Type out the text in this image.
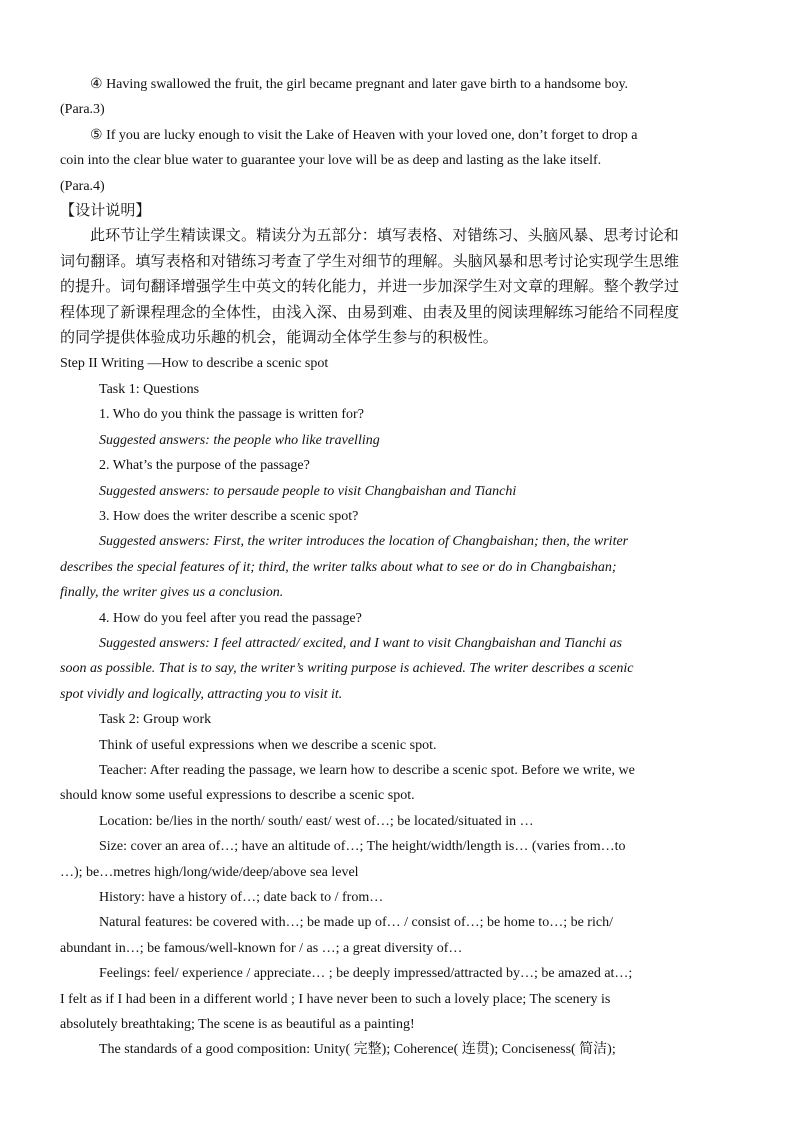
④ Having swallowed the fruit, the girl became pregnant and later gave birth to a handsome boy.

(Para.3)

⑤ If you are lucky enough to visit the Lake of Heaven with your loved one, don’t forget to drop a

coin into the clear blue water to guarantee your love will be as deep and lasting as the lake itself.

(Para.4)

【设计说明】

此环节让学生精读课文。精读分为五部分：填写表格、对错练习、头脑风暴、思考讨论和

词句翻译。填写表格和对错练习考查了学生对细节的理解。头脑风暴和思考讨论实现学生思维

的提升。词句翻译增强学生中英文的转化能力，并进一步加深学生对文章的理解。整个教学过

程体现了新课程理念的全体性，由浅入深、由易到难、由表及里的阅读理解练习能给不同程度

的同学提供体验成功乐趣的机会，能调动全体学生参与的积极性。

Step II Writing —How to describe a scenic spot

Task 1: Questions

1. Who do you think the passage is written for?

Suggested answers: the people who like travelling

2. What’s the purpose of the passage?

Suggested answers: to persaude people to visit Changbaishan and Tianchi

3. How does the writer describe a scenic spot?

Suggested answers: First, the writer introduces the location of Changbaishan; then, the writer

describes the special features of it; third, the writer talks about what to see or do in Changbaishan;

finally, the writer gives us a conclusion.

4. How do you feel after you read the passage?

Suggested answers: I feel attracted/ excited, and I want to visit Changbaishan and Tianchi as

soon as possible. That is to say, the writer’s writing purpose is achieved. The writer describes a scenic

spot vividly and logically, attracting you to visit it.

Task 2: Group work

Think of useful expressions when we describe a scenic spot.

Teacher: After reading the passage, we learn how to describe a scenic spot. Before we write, we

should know some useful expressions to describe a scenic spot.

Location: be/lies in the north/ south/ east/ west of…; be located/situated in …

Size: cover an area of…; have an altitude of…; The height/width/length is… (varies from…to

…); be…metres high/long/wide/deep/above sea level

History: have a history of…; date back to / from…

Natural features: be covered with…; be made up of… / consist of…; be home to…; be rich/

abundant in…; be famous/well-known for / as …; a great diversity of…

Feelings: feel/ experience / appreciate… ; be deeply impressed/attracted by…; be amazed at…;

I felt as if I had been in a different world ; I have never been to such a lovely place; The scenery is

absolutely breathtaking; The scene is as beautiful as a painting!

The standards of a good composition: Unity( 完整); Coherence( 连贯); Conciseness( 简洁);
